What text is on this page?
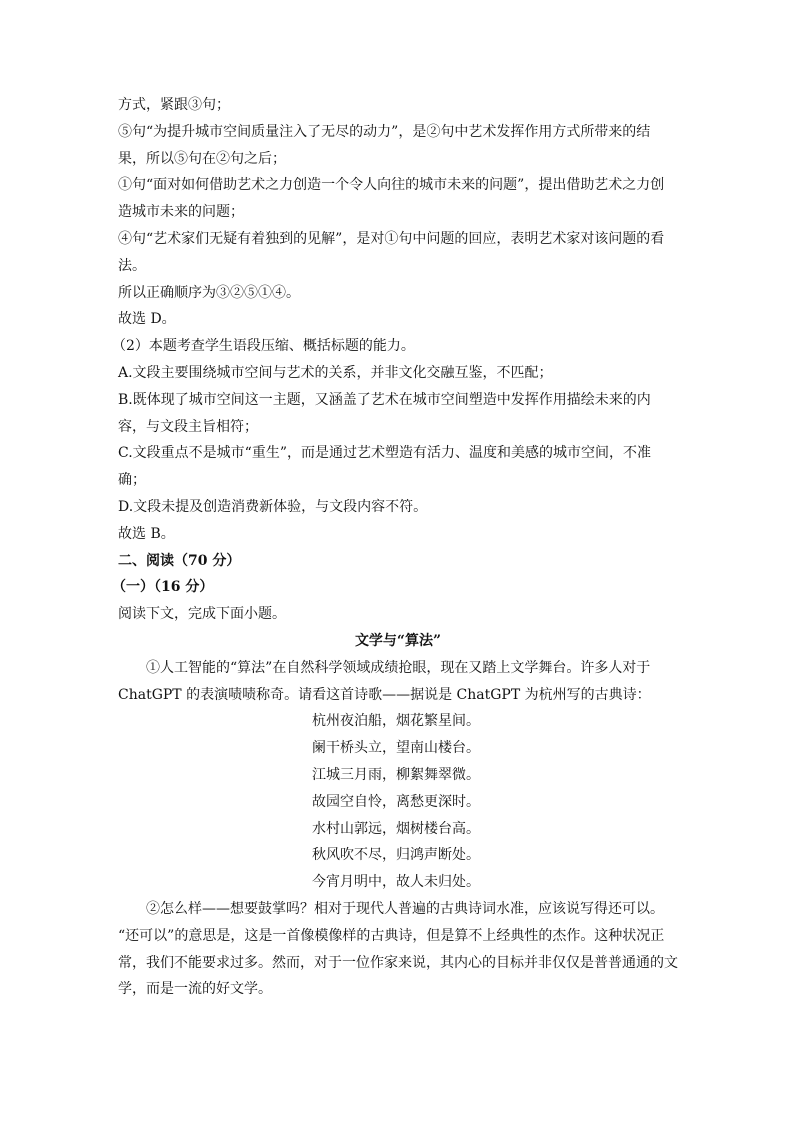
方式，紧跟③句；
⑤句“为提升城市空间质量注入了无尽的动力”，是②句中艺术发挥作用方式所带来的结
果，所以⑤句在②句之后；
①句“面对如何借助艺术之力创造一个令人向往的城市未来的问题”，提出借助艺术之力创
造城市未来的问题；
④句“艺术家们无疑有着独到的见解”，是对①句中问题的回应，表明艺术家对该问题的看
法。
所以正确顺序为③②⑤①④。
故选 D。
（2）本题考查学生语段压缩、概括标题的能力。
A.文段主要围绕城市空间与艺术的关系，并非文化交融互鉴，不匹配；
B.既体现了城市空间这一主题，又涵盖了艺术在城市空间塑造中发挥作用描绘未来的内
容，与文段主旨相符；
C.文段重点不是城市“重生”，而是通过艺术塑造有活力、温度和美感的城市空间，不准
确；
D.文段未提及创造消费新体验，与文段内容不符。
故选 B。
二、阅读（70 分）
（一）（16 分）
阅读下文，完成下面小题。
文学与“算法”
①人工智能的“算法”在自然科学领域成绩抢眼，现在又踏上文学舞台。许多人对于
ChatGPT 的表演啧啧称奇。请看这首诗歌——据说是 ChatGPT 为杭州写的古典诗：
杭州夜泊船，烟花繁星间。
阑干桥头立，望南山楼台。
江城三月雨，柳絮舞翠微。
故园空自怜，离愁更深时。
水村山郭远，烟树楼台高。
秋风吹不尽，归鸿声断处。
今宵月明中，故人未归处。
②怎么样——想要鼓掌吗？相对于现代人普遍的古典诗词水准，应该说写得还可以。
“还可以”的意思是，这是一首像模像样的古典诗，但是算不上经典性的杰作。这种状况正
常，我们不能要求过多。然而，对于一位作家来说，其内心的目标并非仅仅是普普通通的文
学，而是一流的好文学。
